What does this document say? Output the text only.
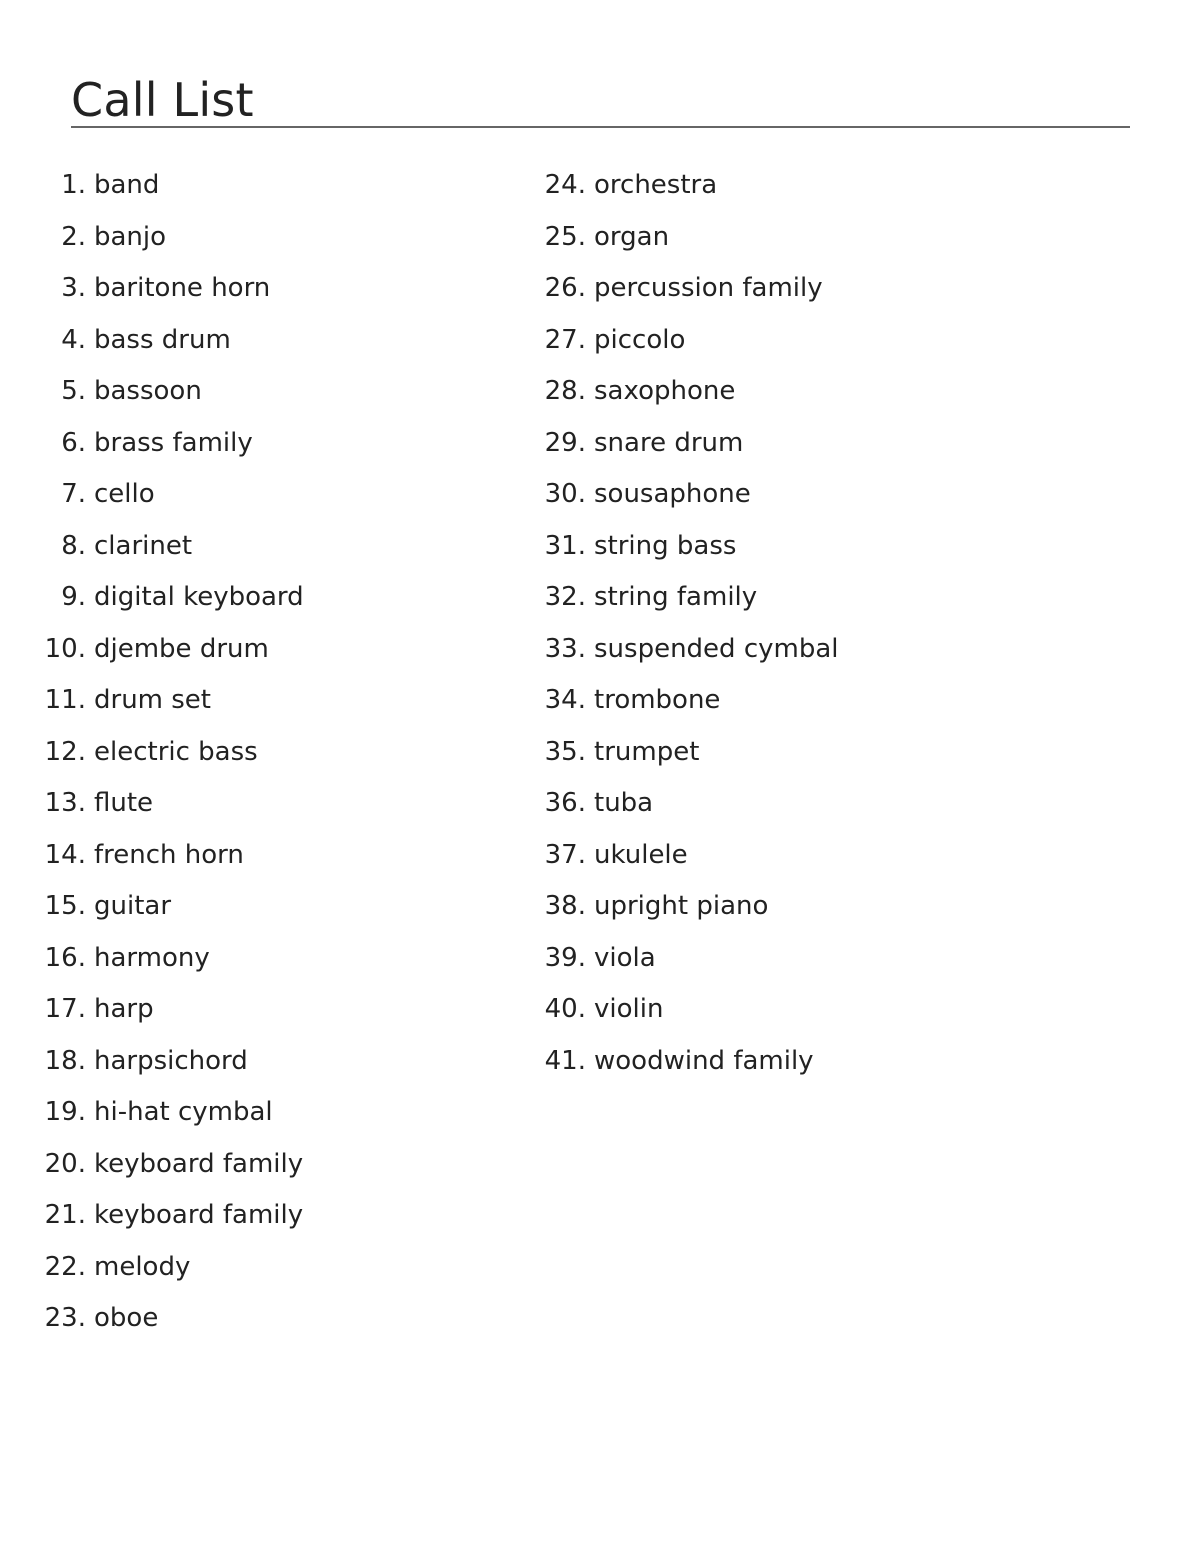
Call List
1. band
2. banjo
3. baritone horn
4. bass drum
5. bassoon
6. brass family
7. cello
8. clarinet
9. digital keyboard
10. djembe drum
11. drum set
12. electric bass
13. flute
14. french horn
15. guitar
16. harmony
17. harp
18. harpsichord
19. hi-hat cymbal
20. keyboard family
21. keyboard family
22. melody
23. oboe
24. orchestra
25. organ
26. percussion family
27. piccolo
28. saxophone
29. snare drum
30. sousaphone
31. string bass
32. string family
33. suspended cymbal
34. trombone
35. trumpet
36. tuba
37. ukulele
38. upright piano
39. viola
40. violin
41. woodwind family
